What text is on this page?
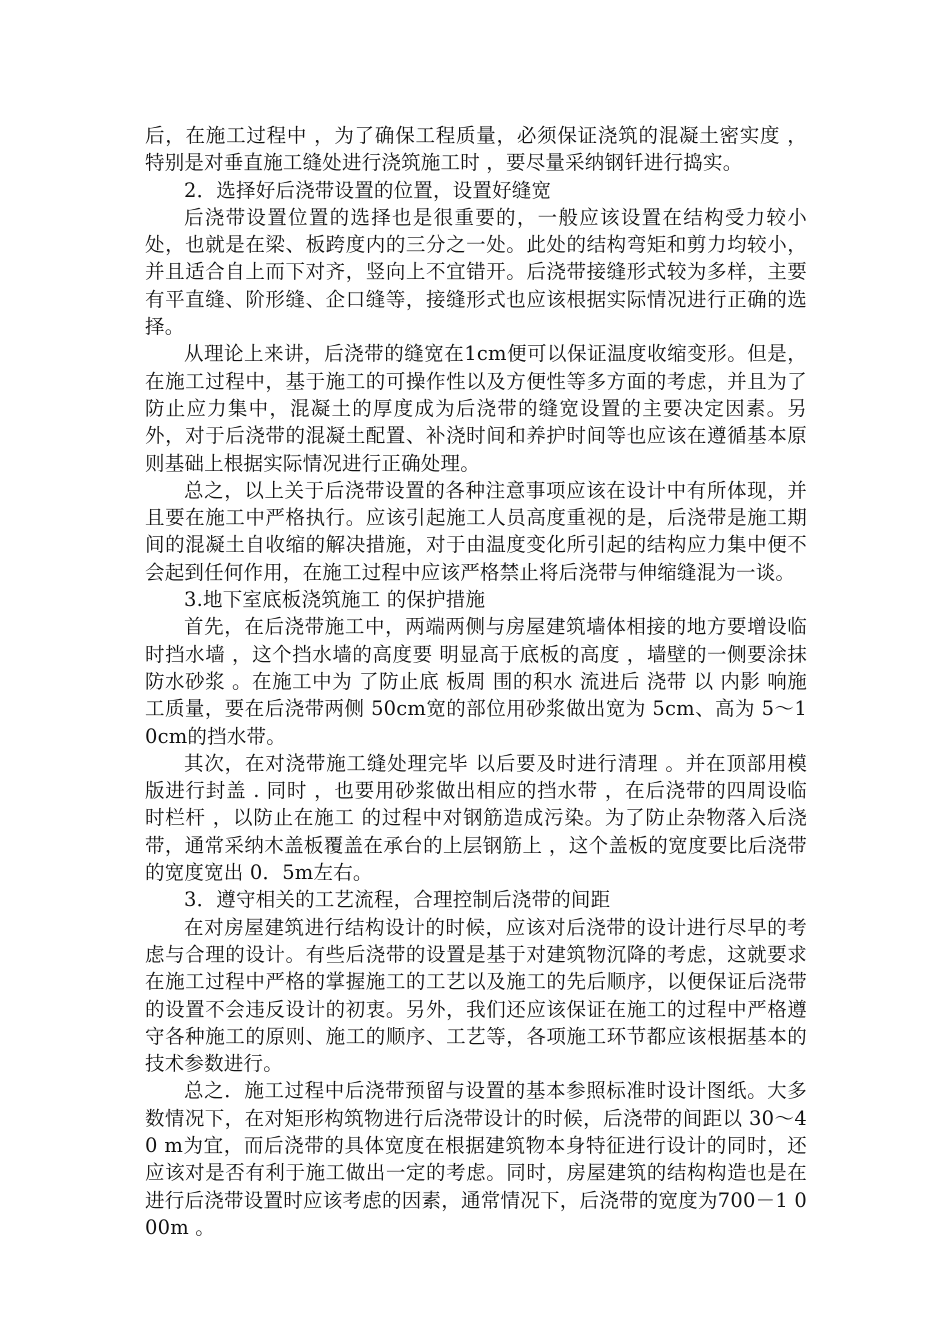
后，在施工过程中 ，为了确保工程质量，必须保证浇筑的混凝土密实度 ，特别是对垂直施工缝处进行浇筑施工时 ，要尽量采纳钢钎进行捣实。

2．选择好后浇带设置的位置，设置好缝宽

后浇带设置位置的选择也是很重要的，一般应该设置在结构受力较小处，也就是在梁、板跨度内的三分之一处。此处的结构弯矩和剪力均较小，并且适合自上而下对齐，竖向上不宜错开。后浇带接缝形式较为多样，主要有平直缝、阶形缝、企口缝等，接缝形式也应该根据实际情况进行正确的选择。

从理论上来讲，后浇带的缝宽在1cm便可以保证温度收缩变形。但是，在施工过程中，基于施工的可操作性以及方便性等多方面的考虑，并且为了防止应力集中，混凝土的厚度成为后浇带的缝宽设置的主要决定因素。另外，对于后浇带的混凝土配置、补浇时间和养护时间等也应该在遵循基本原则基础上根据实际情况进行正确处理。

总之，以上关于后浇带设置的各种注意事项应该在设计中有所体现，并且要在施工中严格执行。应该引起施工人员高度重视的是，后浇带是施工期间的混凝土自收缩的解决措施，对于由温度变化所引起的结构应力集中便不会起到任何作用，在施工过程中应该严格禁止将后浇带与伸缩缝混为一谈。

3.地下室底板浇筑施工 的保护措施

首先，在后浇带施工中，两端两侧与房屋建筑墙体相接的地方要增设临时挡水墙 ，这个挡水墙的高度要 明显高于底板的高度 ，墙壁的一侧要涂抹防水砂浆 。在施工中为 了防止底 板周 围的积水 流进后 浇带 以 内影 响施工质量，要在后浇带两侧 50cm宽的部位用砂浆做出宽为 5cm、高为 5～10cm的挡水带。

其次，在对浇带施工缝处理完毕 以后要及时进行清理 。并在顶部用模版进行封盖 . 同时 ，也要用砂浆做出相应的挡水带 ，在后浇带的四周设临时栏杆 ，以防止在施工 的过程中对钢筋造成污染。为了防止杂物落入后浇带，通常采纳木盖板覆盖在承台的上层钢筋上 ，这个盖板的宽度要比后浇带的宽度宽出 0．5m左右。

3．遵守相关的工艺流程，合理控制后浇带的间距

在对房屋建筑进行结构设计的时候，应该对后浇带的设计进行尽早的考虑与合理的设计。有些后浇带的设置是基于对建筑物沉降的考虑，这就要求在施工过程中严格的掌握施工的工艺以及施工的先后顺序，以便保证后浇带的设置不会违反设计的初衷。另外，我们还应该保证在施工的过程中严格遵守各种施工的原则、施工的顺序、工艺等，各项施工环节都应该根据基本的技术参数进行。

总之．施工过程中后浇带预留与设置的基本参照标准时设计图纸。大多数情况下，在对矩形构筑物进行后浇带设计的时候，后浇带的间距以 30～40 m为宜，而后浇带的具体宽度在根据建筑物本身特征进行设计的同时，还应该对是否有利于施工做出一定的考虑。同时，房屋建筑的结构构造也是在进行后浇带设置时应该考虑的因素，通常情况下，后浇带的宽度为700－1 000m 。
